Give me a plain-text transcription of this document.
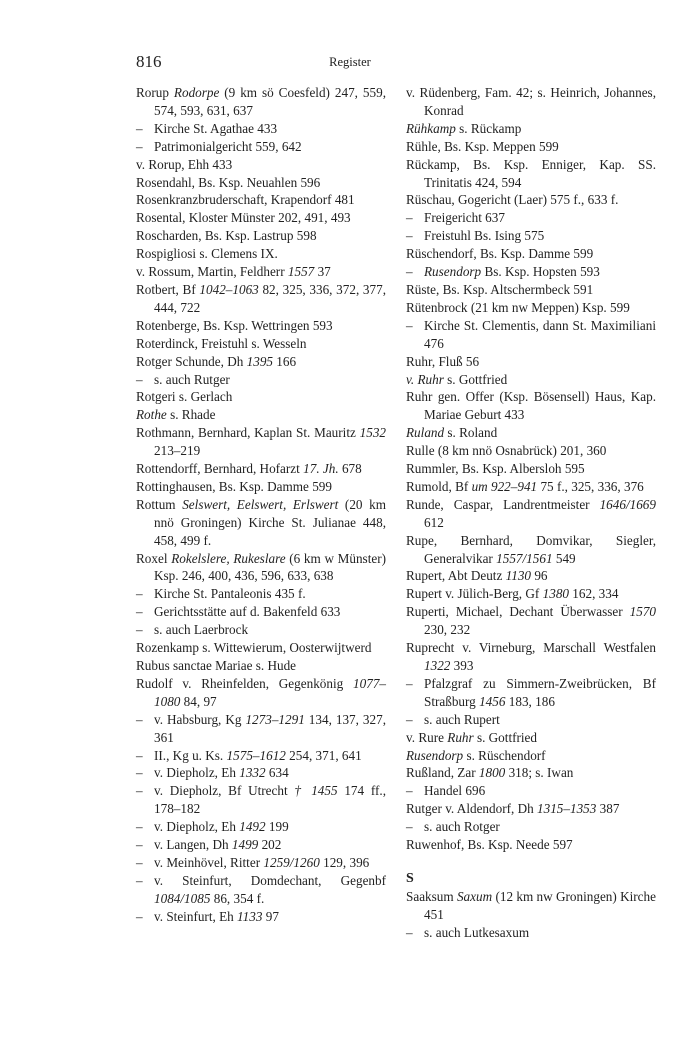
816	Register

Rorup Rodorpe (9 km sö Coesfeld) 247, 559, 574, 593, 631, 637

– Kirche St. Agathae 433

– Patrimonialgericht 559, 642

v. Rorup, Ehh 433

Rosendahl, Bs. Ksp. Neuahlen 596

Rosenkranzbruderschaft, Krapendorf 481

Rosental, Kloster Münster 202, 491, 493

Roscharden, Bs. Ksp. Lastrup 598

Rospigliosi s. Clemens IX.

v. Rossum, Martin, Feldherr 1557 37

Rotbert, Bf 1042–1063 82, 325, 336, 372, 377, 444, 722

Rotenberge, Bs. Ksp. Wettringen 593

Roterdinck, Freistuhl s. Wesseln

Rotger Schunde, Dh 1395 166

– s. auch Rutger

Rotgeri s. Gerlach

Rothe s. Rhade

Rothmann, Bernhard, Kaplan St. Mauritz 1532 213–219

Rottendorff, Bernhard, Hofarzt 17. Jh. 678

Rottinghausen, Bs. Ksp. Damme 599

Rottum Selswert, Eelswert, Erlswert (20 km nnö Groningen) Kirche St. Julianae 448, 458, 499 f.

Roxel Rokelslere, Rukeslare (6 km w Münster) Ksp. 246, 400, 436, 596, 633, 638

– Kirche St. Pantaleonis 435 f.

– Gerichtsstätte auf d. Bakenfeld 633

– s. auch Laerbrock

Rozenkamp s. Wittewierum, Oosterwijtwerd

Rubus sanctae Mariae s. Hude

Rudolf v. Rheinfelden, Gegenkönig 1077–1080 84, 97

– v. Habsburg, Kg 1273–1291 134, 137, 327, 361

– II., Kg u. Ks. 1575–1612 254, 371, 641

– v. Diepholz, Eh 1332 634

– v. Diepholz, Bf Utrecht † 1455 174 ff., 178–182

– v. Diepholz, Eh 1492 199

– v. Langen, Dh 1499 202

– v. Meinhövel, Ritter 1259/1260 129, 396

– v. Steinfurt, Domdechant, Gegenbf 1084/1085 86, 354 f.

– v. Steinfurt, Eh 1133 97

v. Rüdenberg, Fam. 42; s. Heinrich, Johannes, Konrad

Rühkamp s. Rückamp

Rühle, Bs. Ksp. Meppen 599

Rückamp, Bs. Ksp. Enniger, Kap. SS. Trinitatis 424, 594

Rüschau, Gogericht (Laer) 575 f., 633 f.

– Freigericht 637

– Freistuhl Bs. Ising 575

Rüschendorf, Bs. Ksp. Damme 599

– Rusendorp Bs. Ksp. Hopsten 593

Rüste, Bs. Ksp. Altschermbeck 591

Rütenbrock (21 km nw Meppen) Ksp. 599

– Kirche St. Clementis, dann St. Maximiliani 476

Ruhr, Fluß 56

v. Ruhr s. Gottfried

Ruhr gen. Offer (Ksp. Bösensell) Haus, Kap. Mariae Geburt 433

Ruland s. Roland

Rulle (8 km nnö Osnabrück) 201, 360

Rummler, Bs. Ksp. Albersloh 595

Rumold, Bf um 922–941 75 f., 325, 336, 376

Runde, Caspar, Landrentmeister 1646/1669 612

Rupe, Bernhard, Domvikar, Siegler, Generalvikar 1557/1561 549

Rupert, Abt Deutz 1130 96

Rupert v. Jülich-Berg, Gf 1380 162, 334

Ruperti, Michael, Dechant Überwasser 1570 230, 232

Ruprecht v. Virneburg, Marschall Westfalen 1322 393

– Pfalzgraf zu Simmern-Zweibrücken, Bf Straßburg 1456 183, 186

– s. auch Rupert

v. Rure Ruhr s. Gottfried

Rusendorp s. Rüschendorf

Rußland, Zar 1800 318; s. Iwan

– Handel 696

Rutger v. Aldendorf, Dh 1315–1353 387

– s. auch Rotger

Ruwenhof, Bs. Ksp. Neede 597

S

Saaksum Saxum (12 km nw Groningen) Kirche 451

– s. auch Lutkesaxum
